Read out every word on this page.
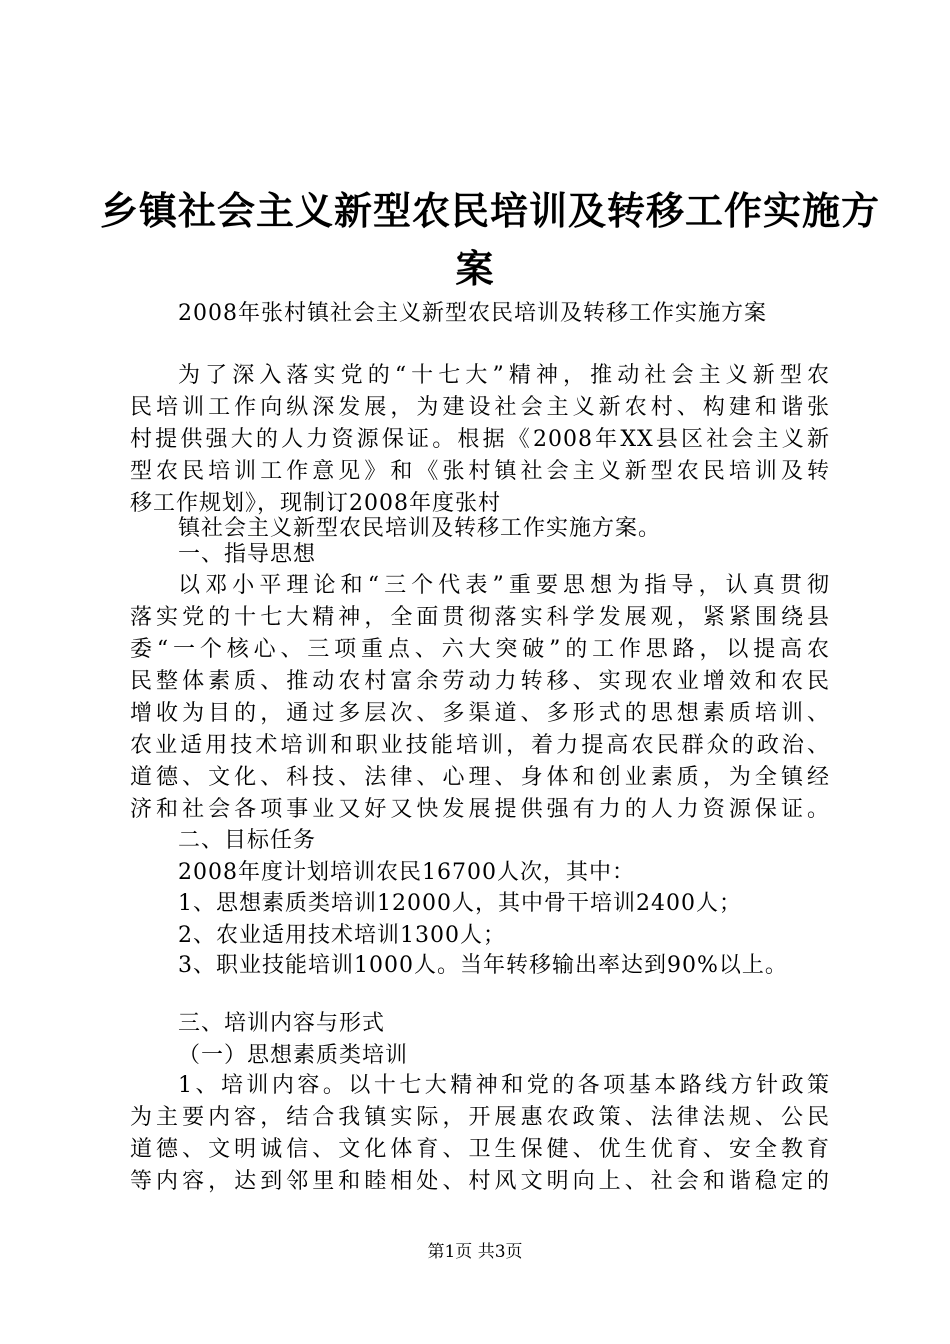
乡镇社会主义新型农民培训及转移工作实施方
案
2008年张村镇社会主义新型农民培训及转移工作实施方案
为了深入落实党的“十七大”精神，推动社会主义新型农
民培训工作向纵深发展，为建设社会主义新农村、构建和谐张
村提供强大的人力资源保证。根据《2008年XX县区社会主义新
型农民培训工作意见》和《张村镇社会主义新型农民培训及转
移工作规划》，现制订2008年度张村
镇社会主义新型农民培训及转移工作实施方案。
一、指导思想
以邓小平理论和“三个代表”重要思想为指导，认真贯彻
落实党的十七大精神，全面贯彻落实科学发展观，紧紧围绕县
委“一个核心、三项重点、六大突破”的工作思路，以提高农
民整体素质、推动农村富余劳动力转移、实现农业增效和农民
增收为目的，通过多层次、多渠道、多形式的思想素质培训、
农业适用技术培训和职业技能培训，着力提高农民群众的政治、
道德、文化、科技、法律、心理、身体和创业素质，为全镇经
济和社会各项事业又好又快发展提供强有力的人力资源保证。
二、目标任务
2008年度计划培训农民16700人次，其中：
1、思想素质类培训12000人，其中骨干培训2400人；
2、农业适用技术培训1300人；
3、职业技能培训1000人。当年转移输出率达到90%以上。
三、培训内容与形式
（一）思想素质类培训
1、培训内容。以十七大精神和党的各项基本路线方针政策
为主要内容，结合我镇实际，开展惠农政策、法律法规、公民
道德、文明诚信、文化体育、卫生保健、优生优育、安全教育
等内容，达到邻里和睦相处、村风文明向上、社会和谐稳定的
第1页 共3页
